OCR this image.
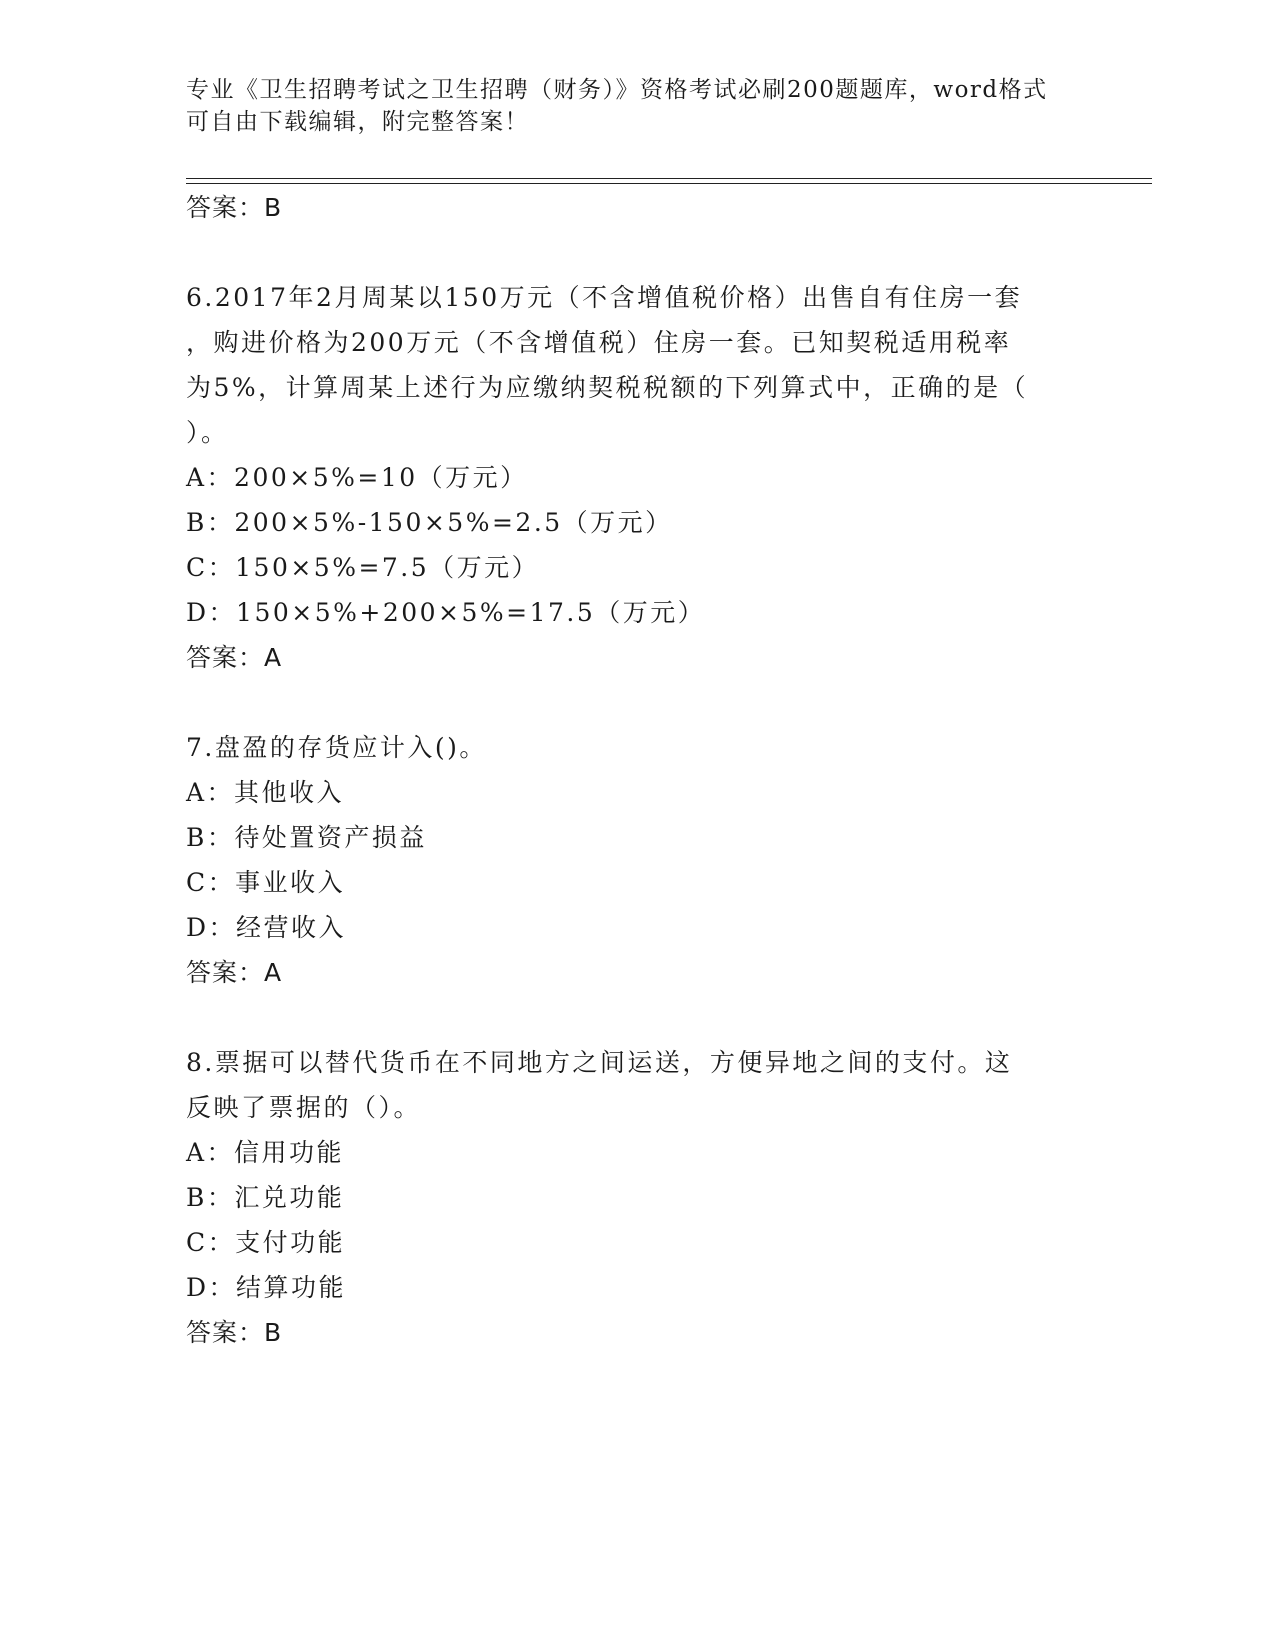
专业《卫生招聘考试之卫生招聘（财务）》资格考试必刷200题题库，word格式
可自由下载编辑，附完整答案！
答案：B
6.2017年2月周某以150万元（不含增值税价格）出售自有住房一套
，购进价格为200万元（不含增值税）住房一套。已知契税适用税率
为5%，计算周某上述行为应缴纳契税税额的下列算式中，正确的是（
）。
A：200×5%=10（万元）
B：200×5%-150×5%=2.5（万元）
C：150×5%=7.5（万元）
D：150×5%+200×5%=17.5（万元）
答案：A
7.盘盈的存货应计入()。
A：其他收入
B：待处置资产损益
C：事业收入
D：经营收入
答案：A
8.票据可以替代货币在不同地方之间运送，方便异地之间的支付。这
反映了票据的（）。
A：信用功能
B：汇兑功能
C：支付功能
D：结算功能
答案：B
